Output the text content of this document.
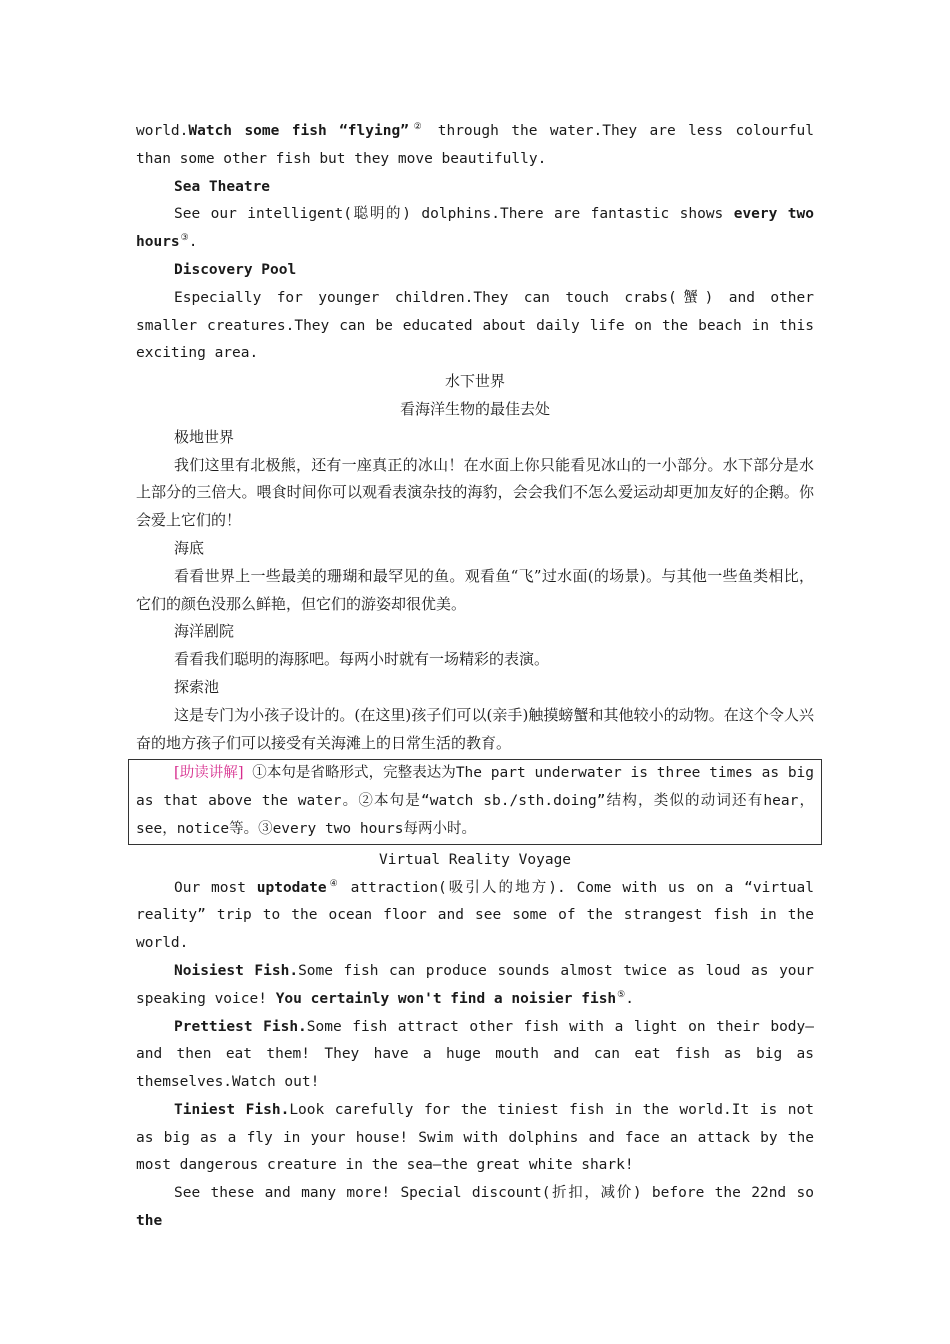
world.Watch some fish “flying”② through the water.They are less colourful than some other fish but they move beautifully.

Sea Theatre

See our intelligent(聪明的) dolphins.There are fantastic shows every two hours③.

Discovery Pool

Especially for younger children.They can touch crabs(蟹) and other smaller creatures.They can be educated about daily life on the beach in this exciting area.

水下世界

看海洋生物的最佳去处

极地世界

我们这里有北极熊，还有一座真正的冰山！在水面上你只能看见冰山的一小部分。水下部分是水上部分的三倍大。喂食时间你可以观看表演杂技的海豹，会会我们不怎么爱运动却更加友好的企鹅。你会爱上它们的！

海底

看看世界上一些最美的珊瑚和最罕见的鱼。观看鱼“飞”过水面(的场景)。与其他一些鱼类相比，它们的颜色没那么鲜艳，但它们的游姿却很优美。

海洋剧院

看看我们聪明的海豚吧。每两小时就有一场精彩的表演。

探索池

这是专门为小孩子设计的。(在这里)孩子们可以(亲手)触摸螃蟹和其他较小的动物。在这个令人兴奋的地方孩子们可以接受有关海滩上的日常生活的教育。

[助读讲解] ①本句是省略形式，完整表达为The part underwater is three times as big as that above the water。②本句是“watch sb./sth.doing”结构，类似的动词还有hear，see，notice等。③every two hours每两小时。

Virtual Reality Voyage

Our most uptodate④ attraction(吸引人的地方). Come with us on a “virtual reality” trip to the ocean floor and see some of the strangest fish in the world.

Noisiest Fish.Some fish can produce sounds almost twice as loud as your speaking voice! You certainly won't find a noisier fish⑤.

Prettiest Fish.Some fish attract other fish with a light on their body—and then eat them! They have a huge mouth and can eat fish as big as themselves.Watch out!

Tiniest Fish.Look carefully for the tiniest fish in the world.It is not as big as a fly in your house! Swim with dolphins and face an attack by the most dangerous creature in the sea—the great white shark!

See these and many more! Special discount(折扣，减价) before the 22nd so the
